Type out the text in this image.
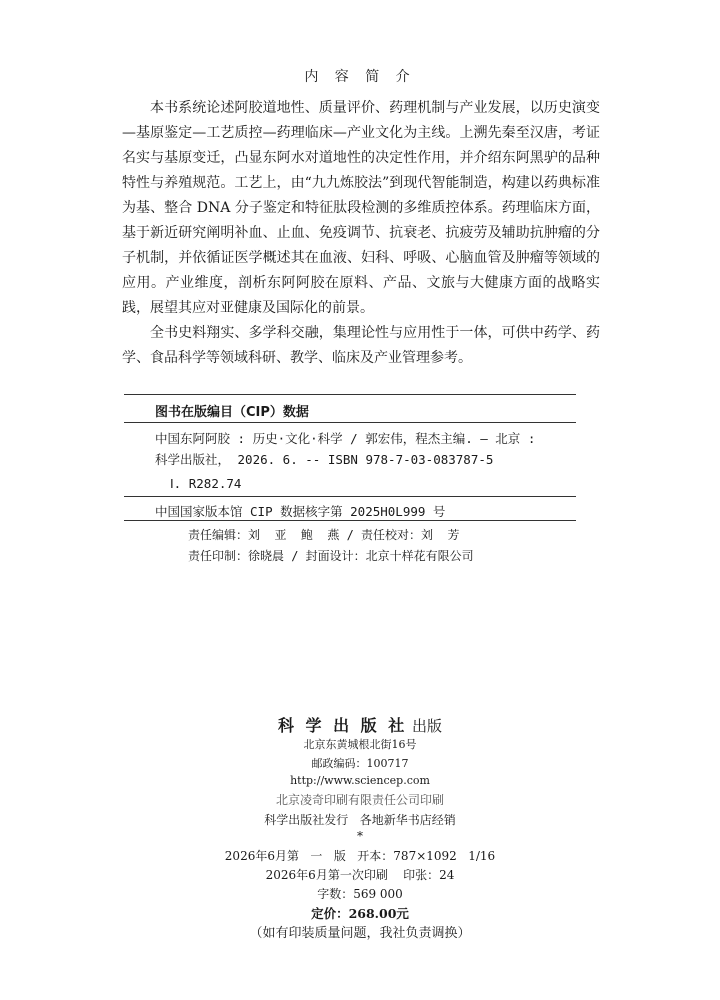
内 容 简 介

本书系统论述阿胶道地性、质量评价、药理机制与产业发展，以历史演变—基原鉴定—工艺质控—药理临床—产业文化为主线。上溯先秦至汉唐，考证名实与基原变迁，凸显东阿水对道地性的决定性作用，并介绍东阿黑驴的品种特性与养殖规范。工艺上，由“九九炼胶法”到现代智能制造，构建以药典标准为基、整合 DNA 分子鉴定和特征肽段检测的多维质控体系。药理临床方面，基于新近研究阐明补血、止血、免疫调节、抗衰老、抗疲劳及辅助抗肿瘤的分子机制，并依循证医学概述其在血液、妇科、呼吸、心脑血管及肿瘤等领域的应用。产业维度，剖析东阿阿胶在原料、产品、文旅与大健康方面的战略实践，展望其应对亚健康及国际化的前景。

全书史料翔实、多学科交融，集理论性与应用性于一体，可供中药学、药学、食品科学等领域科研、教学、临床及产业管理参考。

图书在版编目（CIP）数据
中国东阿阿胶 : 历史·文化·科学 / 郭宏伟，程杰主编. — 北京 :
科学出版社， 2026. 6. -- ISBN 978-7-03-083787-5
Ⅰ. R282.74
中国国家版本馆 CIP 数据核字第 2025H0L999 号
责任编辑：刘  亚  鲍  燕 / 责任校对：刘  芳
责任印制：徐晓晨 / 封面设计：北京十样花有限公司
科 学 出 版 社 出版
北京东黄城根北街16号
邮政编码：100717
http://www.sciencep.com
北京凌奇印刷有限责任公司印刷
科学出版社发行   各地新华书店经销
*
2026年6月第   一   版   开本：787×1092   1/16
2026年6月第一次印刷    印张：24
字数：569 000
定价：268.00元
（如有印装质量问题，我社负责调换）
